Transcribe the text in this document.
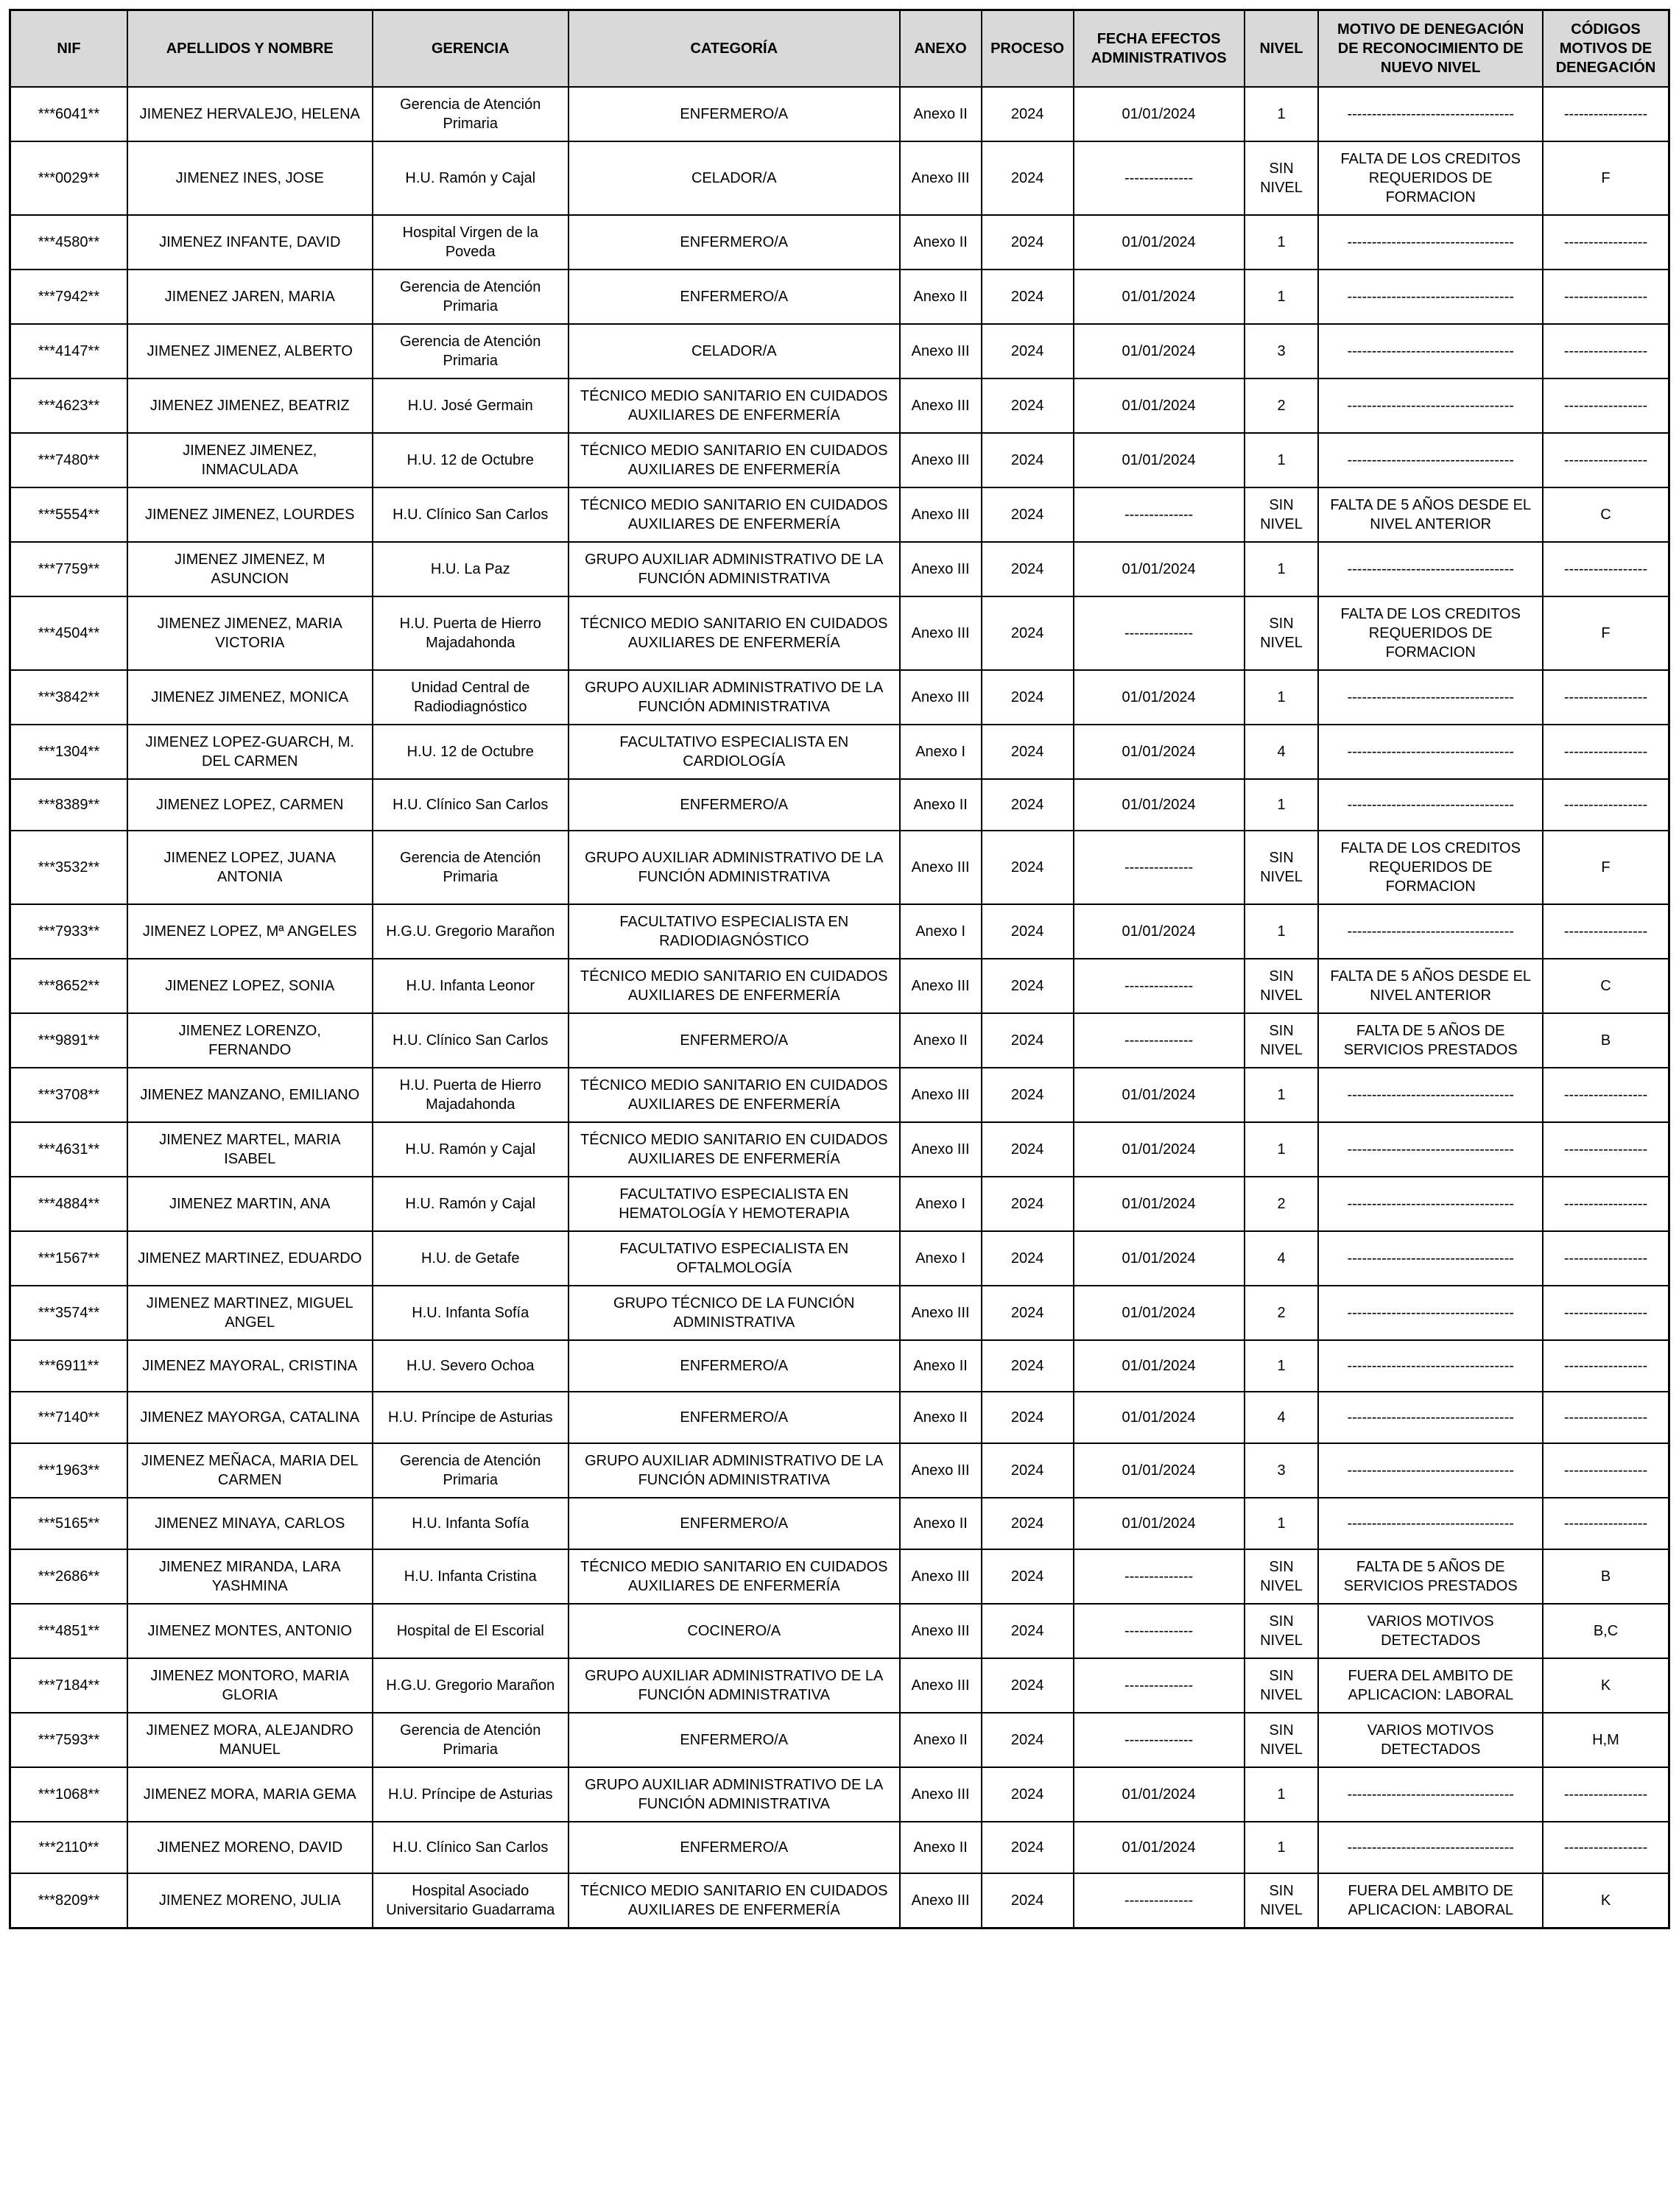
NIF	APELLIDOS Y NOMBRE	GERENCIA	CATEGORÍA	ANEXO	PROCESO	FECHA EFECTOS ADMINISTRATIVOS	NIVEL	MOTIVO DE DENEGACIÓN DE RECONOCIMIENTO DE NUEVO NIVEL	CÓDIGOS MOTIVOS DE DENEGACIÓN
***6041**	JIMENEZ HERVALEJO, HELENA	Gerencia de Atención Primaria	ENFERMERO/A	Anexo II	2024	01/01/2024	1	----------------------------------	-----------------
***0029**	JIMENEZ INES, JOSE	H.U. Ramón y Cajal	CELADOR/A	Anexo III	2024	--------------	SIN NIVEL	FALTA DE LOS CREDITOS REQUERIDOS DE FORMACION	F
***4580**	JIMENEZ INFANTE, DAVID	Hospital Virgen de la Poveda	ENFERMERO/A	Anexo II	2024	01/01/2024	1	----------------------------------	-----------------
***7942**	JIMENEZ JAREN, MARIA	Gerencia de Atención Primaria	ENFERMERO/A	Anexo II	2024	01/01/2024	1	----------------------------------	-----------------
***4147**	JIMENEZ JIMENEZ, ALBERTO	Gerencia de Atención Primaria	CELADOR/A	Anexo III	2024	01/01/2024	3	----------------------------------	-----------------
***4623**	JIMENEZ JIMENEZ, BEATRIZ	H.U. José Germain	TÉCNICO MEDIO SANITARIO EN CUIDADOS AUXILIARES DE ENFERMERÍA	Anexo III	2024	01/01/2024	2	----------------------------------	-----------------
***7480**	JIMENEZ JIMENEZ, INMACULADA	H.U. 12 de Octubre	TÉCNICO MEDIO SANITARIO EN CUIDADOS AUXILIARES DE ENFERMERÍA	Anexo III	2024	01/01/2024	1	----------------------------------	-----------------
***5554**	JIMENEZ JIMENEZ, LOURDES	H.U. Clínico San Carlos	TÉCNICO MEDIO SANITARIO EN CUIDADOS AUXILIARES DE ENFERMERÍA	Anexo III	2024	--------------	SIN NIVEL	FALTA DE 5 AÑOS DESDE EL NIVEL ANTERIOR	C
***7759**	JIMENEZ JIMENEZ, M ASUNCION	H.U. La Paz	GRUPO AUXILIAR ADMINISTRATIVO DE LA FUNCIÓN ADMINISTRATIVA	Anexo III	2024	01/01/2024	1	----------------------------------	-----------------
***4504**	JIMENEZ JIMENEZ, MARIA VICTORIA	H.U. Puerta de Hierro Majadahonda	TÉCNICO MEDIO SANITARIO EN CUIDADOS AUXILIARES DE ENFERMERÍA	Anexo III	2024	--------------	SIN NIVEL	FALTA DE LOS CREDITOS REQUERIDOS DE FORMACION	F
***3842**	JIMENEZ JIMENEZ, MONICA	Unidad Central de Radiodiagnóstico	GRUPO AUXILIAR ADMINISTRATIVO DE LA FUNCIÓN ADMINISTRATIVA	Anexo III	2024	01/01/2024	1	----------------------------------	-----------------
***1304**	JIMENEZ LOPEZ-GUARCH, M. DEL CARMEN	H.U. 12 de Octubre	FACULTATIVO ESPECIALISTA EN CARDIOLOGÍA	Anexo I	2024	01/01/2024	4	----------------------------------	-----------------
***8389**	JIMENEZ LOPEZ, CARMEN	H.U. Clínico San Carlos	ENFERMERO/A	Anexo II	2024	01/01/2024	1	----------------------------------	-----------------
***3532**	JIMENEZ LOPEZ, JUANA ANTONIA	Gerencia de Atención Primaria	GRUPO AUXILIAR ADMINISTRATIVO DE LA FUNCIÓN ADMINISTRATIVA	Anexo III	2024	--------------	SIN NIVEL	FALTA DE LOS CREDITOS REQUERIDOS DE FORMACION	F
***7933**	JIMENEZ LOPEZ, Mª ANGELES	H.G.U. Gregorio Marañon	FACULTATIVO ESPECIALISTA EN RADIODIAGNÓSTICO	Anexo I	2024	01/01/2024	1	----------------------------------	-----------------
***8652**	JIMENEZ LOPEZ, SONIA	H.U. Infanta Leonor	TÉCNICO MEDIO SANITARIO EN CUIDADOS AUXILIARES DE ENFERMERÍA	Anexo III	2024	--------------	SIN NIVEL	FALTA DE 5 AÑOS DESDE EL NIVEL ANTERIOR	C
***9891**	JIMENEZ LORENZO, FERNANDO	H.U. Clínico San Carlos	ENFERMERO/A	Anexo II	2024	--------------	SIN NIVEL	FALTA DE 5 AÑOS DE SERVICIOS PRESTADOS	B
***3708**	JIMENEZ MANZANO, EMILIANO	H.U. Puerta de Hierro Majadahonda	TÉCNICO MEDIO SANITARIO EN CUIDADOS AUXILIARES DE ENFERMERÍA	Anexo III	2024	01/01/2024	1	----------------------------------	-----------------
***4631**	JIMENEZ MARTEL, MARIA ISABEL	H.U. Ramón y Cajal	TÉCNICO MEDIO SANITARIO EN CUIDADOS AUXILIARES DE ENFERMERÍA	Anexo III	2024	01/01/2024	1	----------------------------------	-----------------
***4884**	JIMENEZ MARTIN, ANA	H.U. Ramón y Cajal	FACULTATIVO ESPECIALISTA EN HEMATOLOGÍA Y HEMOTERAPIA	Anexo I	2024	01/01/2024	2	----------------------------------	-----------------
***1567**	JIMENEZ MARTINEZ, EDUARDO	H.U. de Getafe	FACULTATIVO ESPECIALISTA EN OFTALMOLOGÍA	Anexo I	2024	01/01/2024	4	----------------------------------	-----------------
***3574**	JIMENEZ MARTINEZ, MIGUEL ANGEL	H.U. Infanta Sofía	GRUPO TÉCNICO DE LA FUNCIÓN ADMINISTRATIVA	Anexo III	2024	01/01/2024	2	----------------------------------	-----------------
***6911**	JIMENEZ MAYORAL, CRISTINA	H.U. Severo Ochoa	ENFERMERO/A	Anexo II	2024	01/01/2024	1	----------------------------------	-----------------
***7140**	JIMENEZ MAYORGA, CATALINA	H.U. Príncipe de Asturias	ENFERMERO/A	Anexo II	2024	01/01/2024	4	----------------------------------	-----------------
***1963**	JIMENEZ MEÑACA, MARIA DEL CARMEN	Gerencia de Atención Primaria	GRUPO AUXILIAR ADMINISTRATIVO DE LA FUNCIÓN ADMINISTRATIVA	Anexo III	2024	01/01/2024	3	----------------------------------	-----------------
***5165**	JIMENEZ MINAYA, CARLOS	H.U. Infanta Sofía	ENFERMERO/A	Anexo II	2024	01/01/2024	1	----------------------------------	-----------------
***2686**	JIMENEZ MIRANDA, LARA YASHMINA	H.U. Infanta Cristina	TÉCNICO MEDIO SANITARIO EN CUIDADOS AUXILIARES DE ENFERMERÍA	Anexo III	2024	--------------	SIN NIVEL	FALTA DE 5 AÑOS DE SERVICIOS PRESTADOS	B
***4851**	JIMENEZ MONTES, ANTONIO	Hospital de El Escorial	COCINERO/A	Anexo III	2024	--------------	SIN NIVEL	VARIOS MOTIVOS DETECTADOS	B,C
***7184**	JIMENEZ MONTORO, MARIA GLORIA	H.G.U. Gregorio Marañon	GRUPO AUXILIAR ADMINISTRATIVO DE LA FUNCIÓN ADMINISTRATIVA	Anexo III	2024	--------------	SIN NIVEL	FUERA DEL AMBITO DE APLICACION: LABORAL	K
***7593**	JIMENEZ MORA, ALEJANDRO MANUEL	Gerencia de Atención Primaria	ENFERMERO/A	Anexo II	2024	--------------	SIN NIVEL	VARIOS MOTIVOS DETECTADOS	H,M
***1068**	JIMENEZ MORA, MARIA GEMA	H.U. Príncipe de Asturias	GRUPO AUXILIAR ADMINISTRATIVO DE LA FUNCIÓN ADMINISTRATIVA	Anexo III	2024	01/01/2024	1	----------------------------------	-----------------
***2110**	JIMENEZ MORENO, DAVID	H.U. Clínico San Carlos	ENFERMERO/A	Anexo II	2024	01/01/2024	1	----------------------------------	-----------------
***8209**	JIMENEZ MORENO, JULIA	Hospital Asociado Universitario Guadarrama	TÉCNICO MEDIO SANITARIO EN CUIDADOS AUXILIARES DE ENFERMERÍA	Anexo III	2024	--------------	SIN NIVEL	FUERA DEL AMBITO DE APLICACION: LABORAL	K
